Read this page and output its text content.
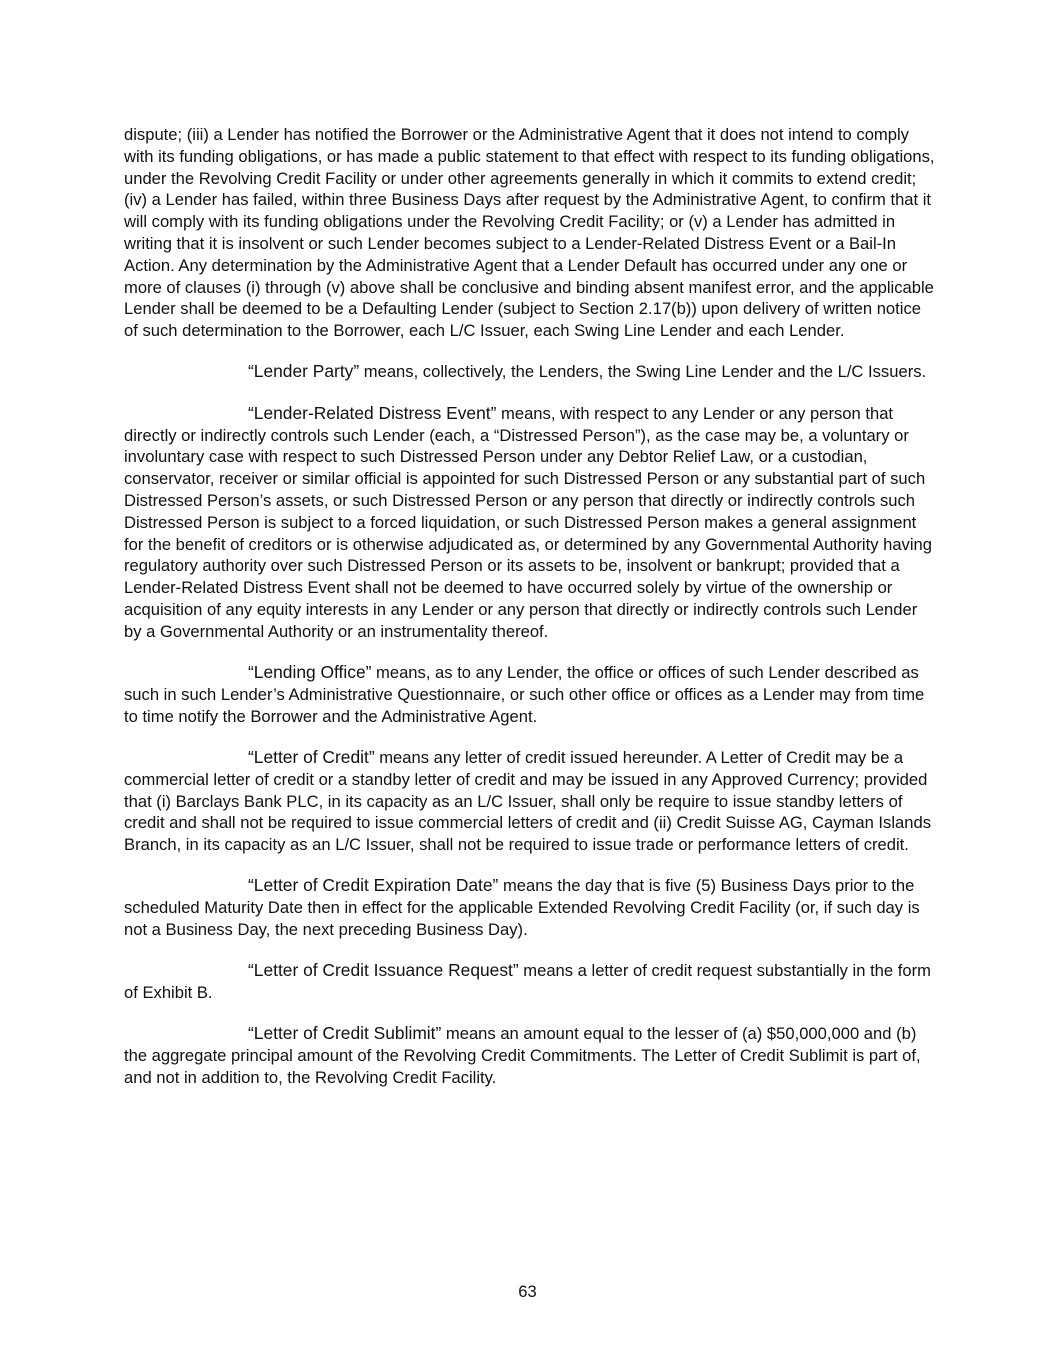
dispute; (iii) a Lender has notified the Borrower or the Administrative Agent that it does not intend to comply with its funding obligations, or has made a public statement to that effect with respect to its funding obligations, under the Revolving Credit Facility or under other agreements generally in which it commits to extend credit; (iv) a Lender has failed, within three Business Days after request by the Administrative Agent, to confirm that it will comply with its funding obligations under the Revolving Credit Facility; or (v) a Lender has admitted in writing that it is insolvent or such Lender becomes subject to a Lender-Related Distress Event or a Bail-In Action. Any determination by the Administrative Agent that a Lender Default has occurred under any one or more of clauses (i) through (v) above shall be conclusive and binding absent manifest error, and the applicable Lender shall be deemed to be a Defaulting Lender (subject to Section 2.17(b)) upon delivery of written notice of such determination to the Borrower, each L/C Issuer, each Swing Line Lender and each Lender.

“Lender Party” means, collectively, the Lenders, the Swing Line Lender and the L/C Issuers.

“Lender-Related Distress Event” means, with respect to any Lender or any person that directly or indirectly controls such Lender (each, a “Distressed Person”), as the case may be, a voluntary or involuntary case with respect to such Distressed Person under any Debtor Relief Law, or a custodian, conservator, receiver or similar official is appointed for such Distressed Person or any substantial part of such Distressed Person’s assets, or such Distressed Person or any person that directly or indirectly controls such Distressed Person is subject to a forced liquidation, or such Distressed Person makes a general assignment for the benefit of creditors or is otherwise adjudicated as, or determined by any Governmental Authority having regulatory authority over such Distressed Person or its assets to be, insolvent or bankrupt; provided that a Lender-Related Distress Event shall not be deemed to have occurred solely by virtue of the ownership or acquisition of any equity interests in any Lender or any person that directly or indirectly controls such Lender by a Governmental Authority or an instrumentality thereof.

“Lending Office” means, as to any Lender, the office or offices of such Lender described as such in such Lender’s Administrative Questionnaire, or such other office or offices as a Lender may from time to time notify the Borrower and the Administrative Agent.

“Letter of Credit” means any letter of credit issued hereunder. A Letter of Credit may be a commercial letter of credit or a standby letter of credit and may be issued in any Approved Currency; provided that (i) Barclays Bank PLC, in its capacity as an L/C Issuer, shall only be require to issue standby letters of credit and shall not be required to issue commercial letters of credit and (ii) Credit Suisse AG, Cayman Islands Branch, in its capacity as an L/C Issuer, shall not be required to issue trade or performance letters of credit.

“Letter of Credit Expiration Date” means the day that is five (5) Business Days prior to the scheduled Maturity Date then in effect for the applicable Extended Revolving Credit Facility (or, if such day is not a Business Day, the next preceding Business Day).

“Letter of Credit Issuance Request” means a letter of credit request substantially in the form of Exhibit B.

“Letter of Credit Sublimit” means an amount equal to the lesser of (a) $50,000,000 and (b) the aggregate principal amount of the Revolving Credit Commitments. The Letter of Credit Sublimit is part of, and not in addition to, the Revolving Credit Facility.

63
